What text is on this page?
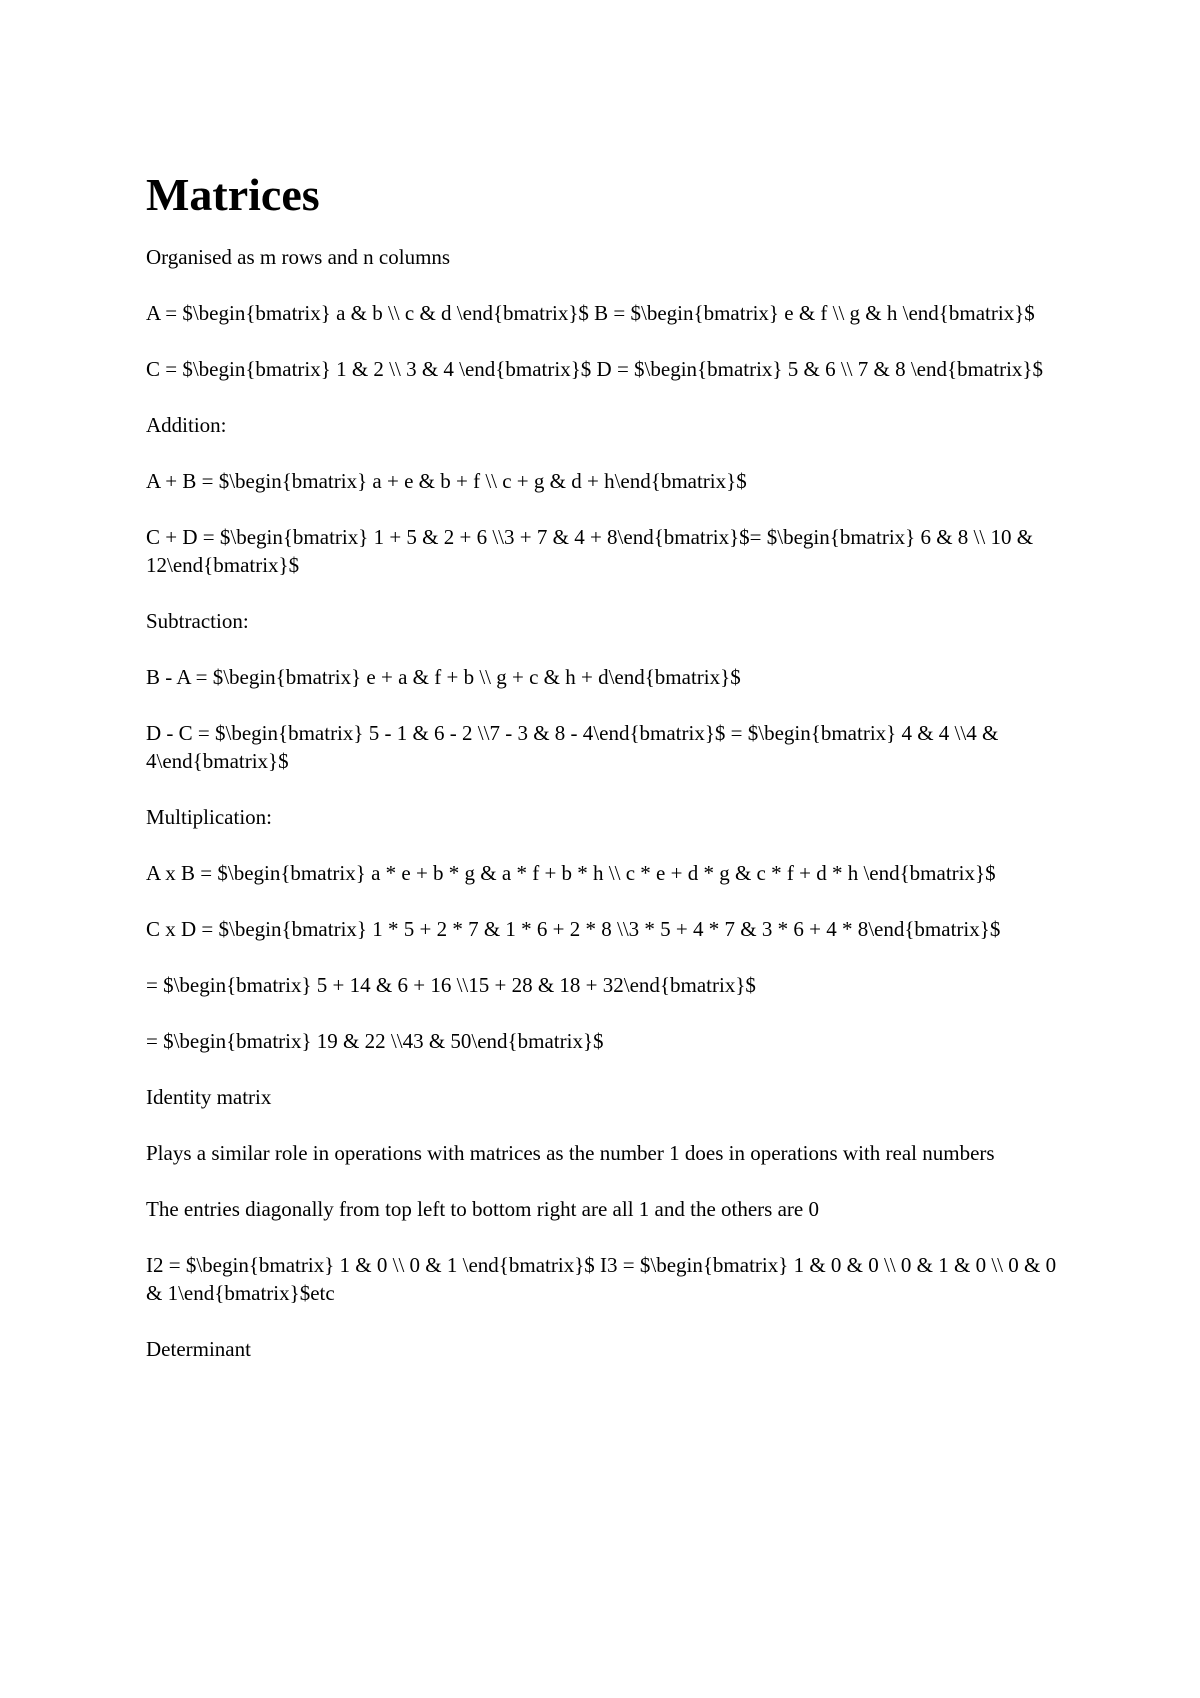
Matrices

Organised as m rows and n columns

A = $\begin{bmatrix} a & b \\ c & d \end{bmatrix}$ B = $\begin{bmatrix} e & f \\ g & h \end{bmatrix}$

C = $\begin{bmatrix} 1 & 2 \\ 3 & 4 \end{bmatrix}$ D = $\begin{bmatrix} 5 & 6 \\ 7 & 8 \end{bmatrix}$

Addition:

A + B = $\begin{bmatrix} a + e & b + f \\ c + g & d + h\end{bmatrix}$

C + D = $\begin{bmatrix} 1 + 5 & 2 + 6 \\3 + 7 & 4 + 8\end{bmatrix}$= $\begin{bmatrix} 6 & 8 \\ 10 & 12\end{bmatrix}$

Subtraction:

B - A = $\begin{bmatrix} e + a & f + b \\ g + c & h + d\end{bmatrix}$

D - C = $\begin{bmatrix} 5 - 1 & 6 - 2 \\7 - 3 & 8 - 4\end{bmatrix}$ = $\begin{bmatrix} 4 & 4 \\4 & 4\end{bmatrix}$

Multiplication:

A x B = $\begin{bmatrix} a * e + b * g & a * f + b * h \\ c * e + d * g & c * f + d * h \end{bmatrix}$

C x D = $\begin{bmatrix} 1 * 5 + 2 * 7 & 1 * 6 + 2 * 8 \\3 * 5 + 4 * 7 & 3 * 6 + 4 * 8\end{bmatrix}$

= $\begin{bmatrix} 5 + 14 & 6 + 16 \\15 + 28 & 18 + 32\end{bmatrix}$

= $\begin{bmatrix} 19 & 22 \\43 & 50\end{bmatrix}$

Identity matrix

Plays a similar role in operations with matrices as the number 1 does in operations with real numbers

The entries diagonally from top left to bottom right are all 1 and the others are 0

I2 = $\begin{bmatrix} 1 & 0 \\ 0 & 1 \end{bmatrix}$ I3 = $\begin{bmatrix} 1 & 0 & 0 \\ 0 & 1 & 0 \\ 0 & 0 & 1\end{bmatrix}$etc

Determinant
